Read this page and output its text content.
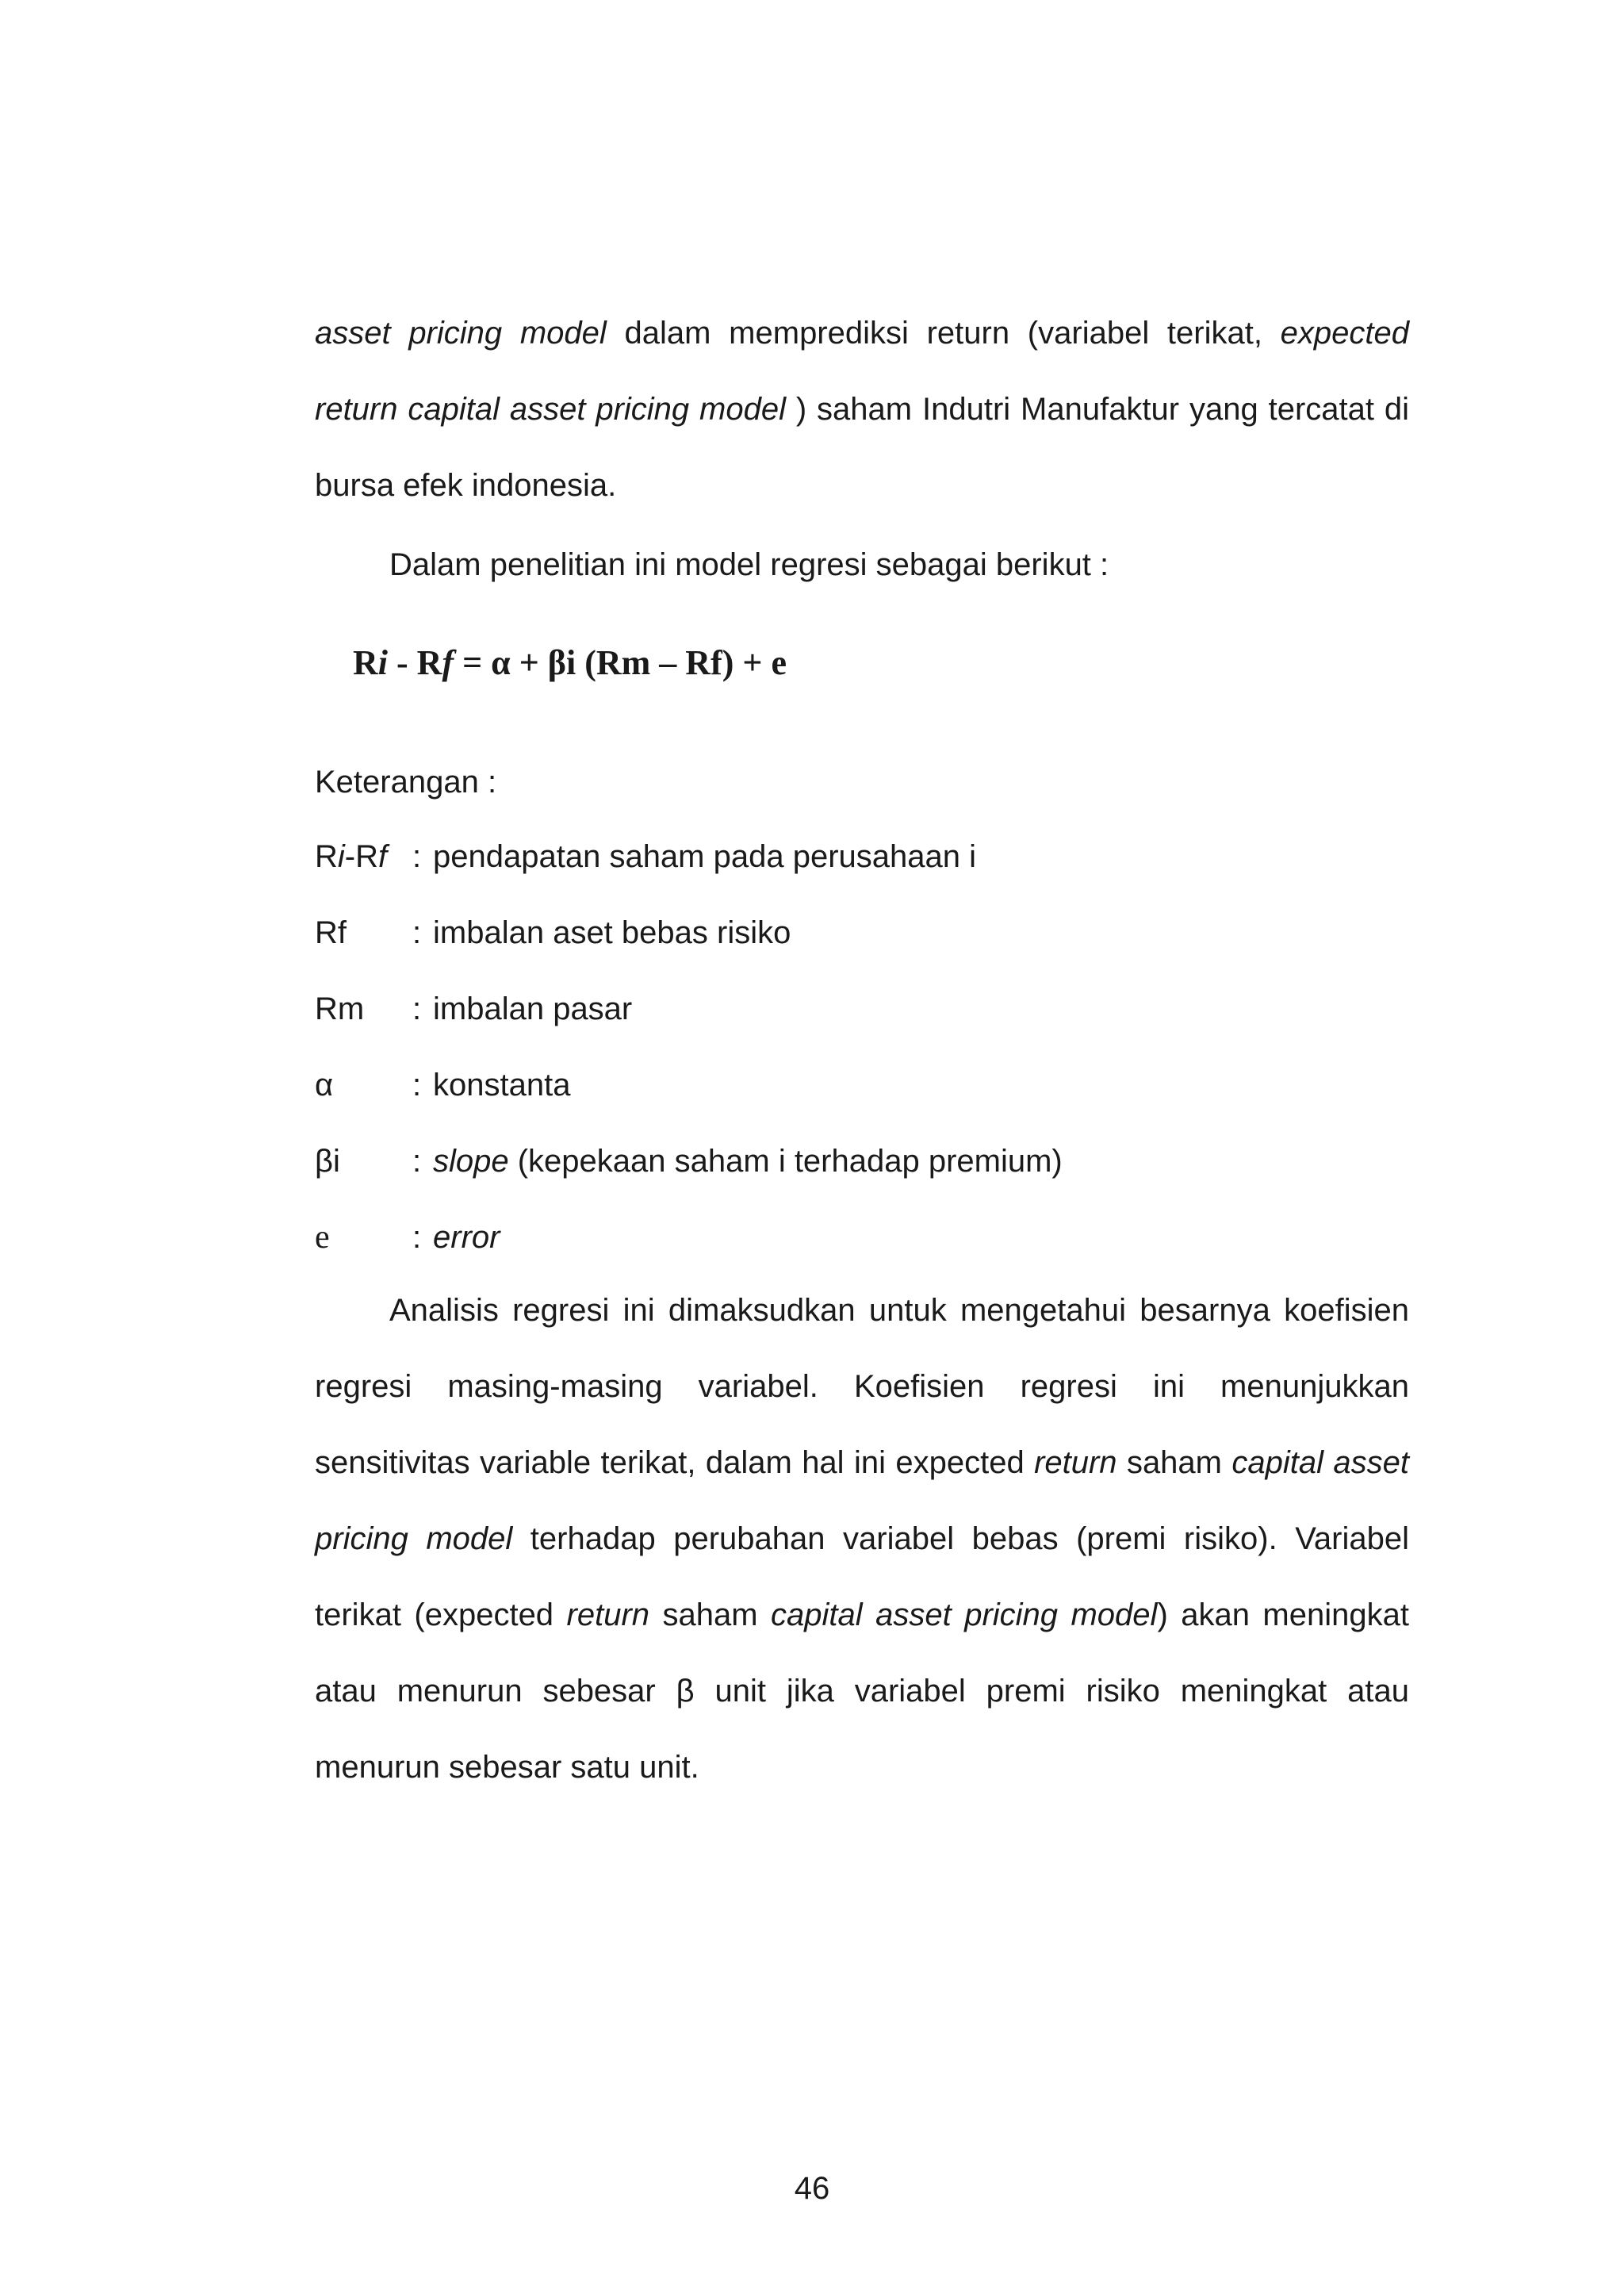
asset pricing model dalam memprediksi return (variabel terikat, expected return capital asset pricing model ) saham Indutri Manufaktur yang tercatat di bursa efek indonesia.

Dalam penelitian ini model regresi sebagai berikut :
Ri - Rf = α + βi (Rm – Rf) + e
Keterangan :
Ri-Rf : pendapatan saham pada perusahaan i
Rf : imbalan aset bebas risiko
Rm : imbalan pasar
α : konstanta
βi : slope (kepekaan saham i terhadap premium)
e	: error

Analisis regresi ini dimaksudkan untuk mengetahui besarnya koefisien regresi masing-masing variabel. Koefisien regresi ini menunjukkan sensitivitas variable terikat, dalam hal ini expected return saham capital asset pricing model terhadap perubahan variabel bebas (premi risiko). Variabel terikat (expected return saham capital asset pricing model) akan meningkat atau menurun sebesar β unit jika variabel premi risiko meningkat atau menurun sebesar satu unit.

46
